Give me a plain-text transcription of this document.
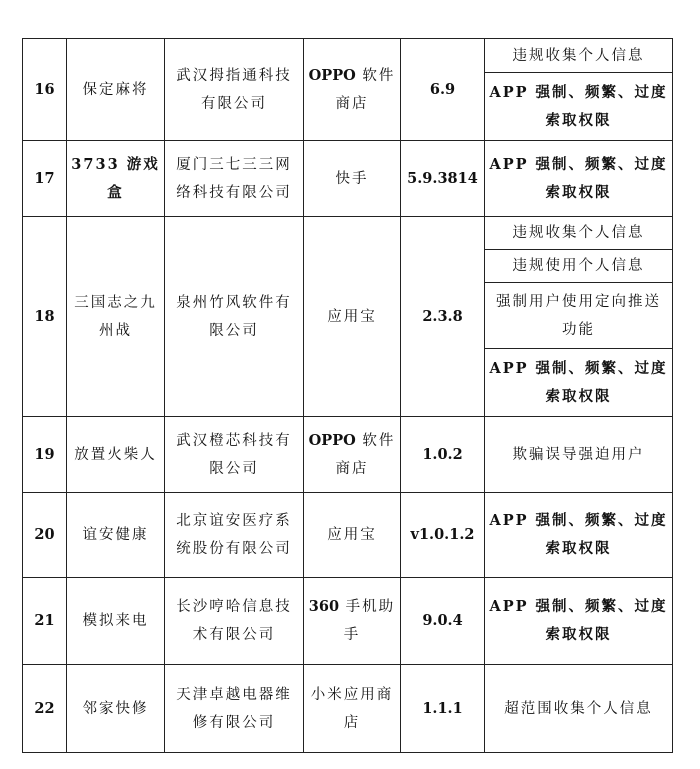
16	保定麻将	武汉拇指通科技有限公司	OPPO 软件商店	6.9	违规收集个人信息
					APP 强制、频繁、过度索取权限
17	3733 游戏盒	厦门三七三三网络科技有限公司	快手	5.9.3814	APP 强制、频繁、过度索取权限
18	三国志之九州战	泉州竹风软件有限公司	应用宝	2.3.8	违规收集个人信息
					违规使用个人信息
					强制用户使用定向推送功能
					APP 强制、频繁、过度索取权限
19	放置火柴人	武汉橙芯科技有限公司	OPPO 软件商店	1.0.2	欺骗误导强迫用户
20	谊安健康	北京谊安医疗系统股份有限公司	应用宝	v1.0.1.2	APP 强制、频繁、过度索取权限
21	模拟来电	长沙哼哈信息技术有限公司	360 手机助手	9.0.4	APP 强制、频繁、过度索取权限
22	邻家快修	天津卓越电器维修有限公司	小米应用商店	1.1.1	超范围收集个人信息
